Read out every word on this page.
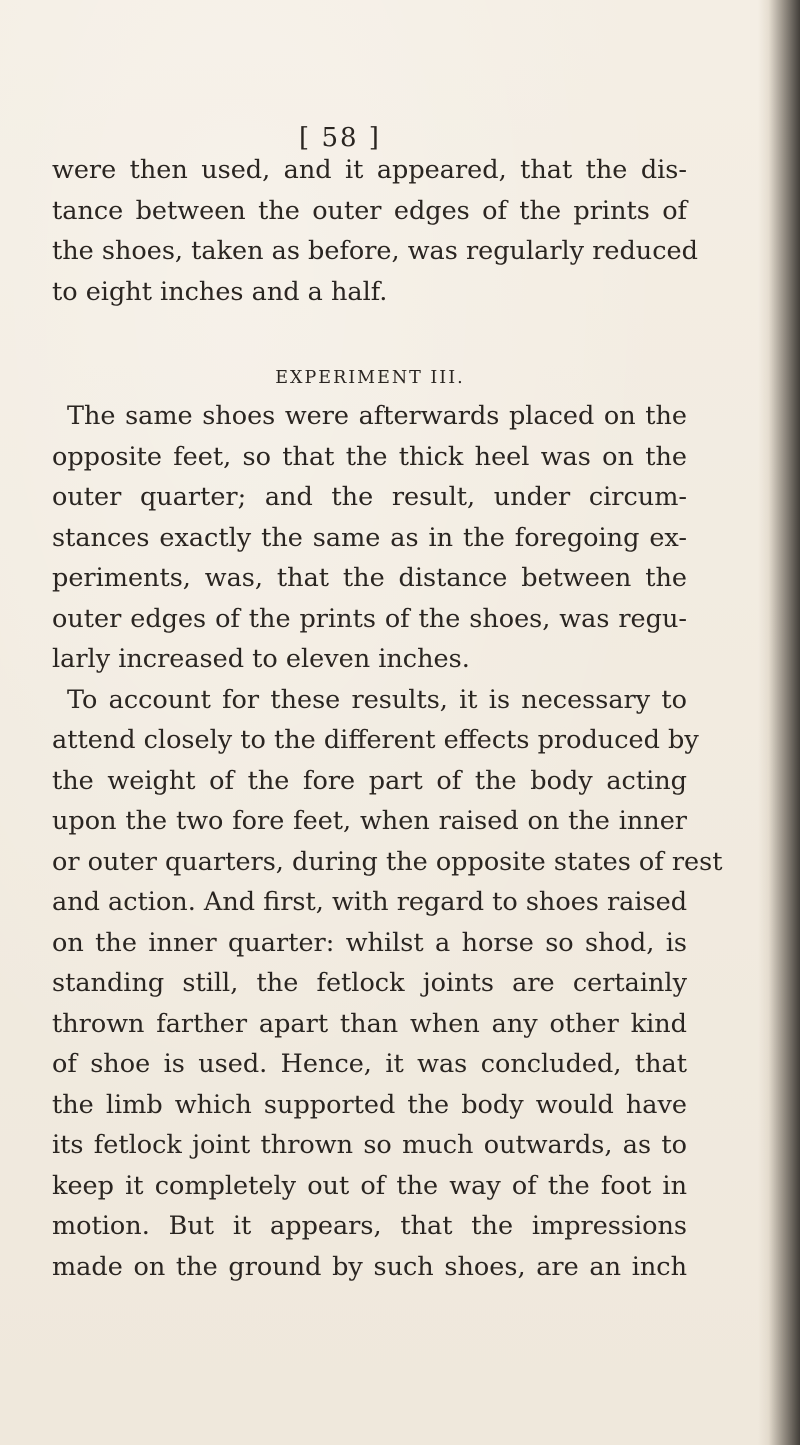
[ 58 ]
were then used, and it appeared, that the dis-
tance between the outer edges of the prints of
the shoes, taken as before, was regularly reduced
to eight inches and a half.
EXPERIMENT III.
The same shoes were afterwards placed on the
opposite feet, so that the thick heel was on the
outer quarter; and the result, under circum-
stances exactly the same as in the foregoing ex-
periments, was, that the distance between the
outer edges of the prints of the shoes, was regu-
larly increased to eleven inches.
To account for these results, it is necessary to
attend closely to the different effects produced by
the weight of the fore part of the body acting
upon the two fore feet, when raised on the inner
or outer quarters, during the opposite states of rest
and action. And first, with regard to shoes raised
on the inner quarter: whilst a horse so shod, is
standing still, the fetlock joints are certainly
thrown farther apart than when any other kind
of shoe is used. Hence, it was concluded, that
the limb which supported the body would have
its fetlock joint thrown so much outwards, as to
keep it completely out of the way of the foot in
motion. But it appears, that the impressions
made on the ground by such shoes, are an inch
